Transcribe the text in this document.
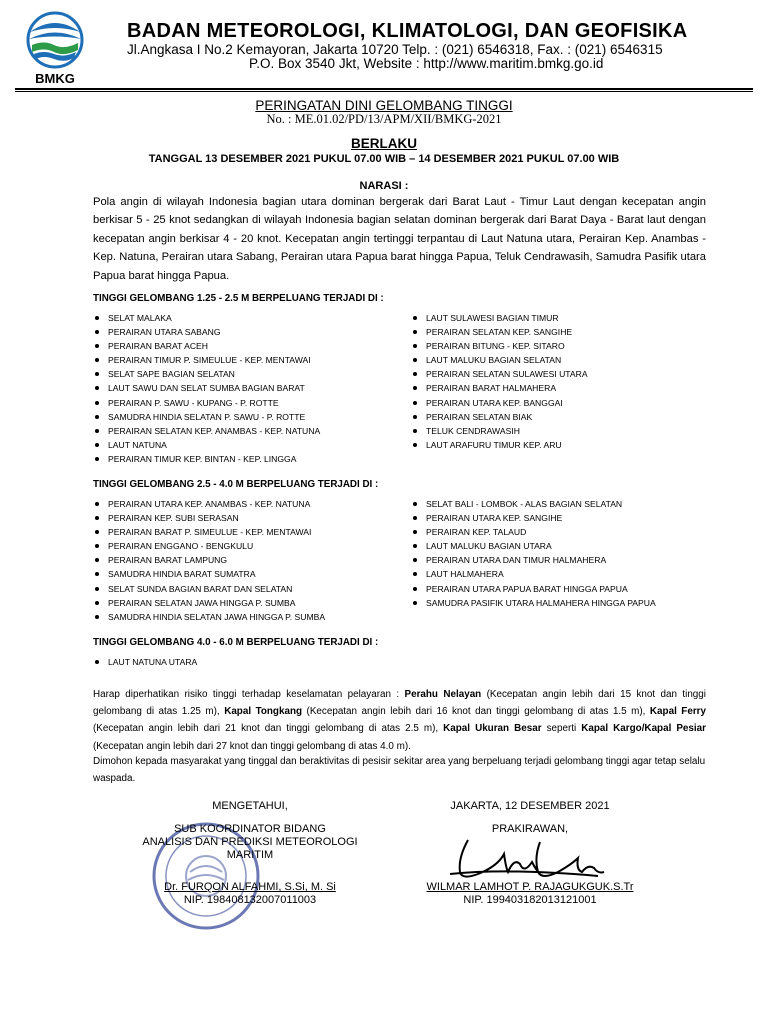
BMKG
BADAN METEOROLOGI, KLIMATOLOGI, DAN GEOFISIKA
Jl.Angkasa I No.2 Kemayoran, Jakarta 10720 Telp. : (021) 6546318, Fax. : (021) 6546315
P.O. Box 3540 Jkt, Website : http://www.maritim.bmkg.go.id
PERINGATAN DINI GELOMBANG TINGGI
No. : ME.01.02/PD/13/APM/XII/BMKG-2021
BERLAKU
TANGGAL 13 DESEMBER 2021 PUKUL 07.00 WIB – 14 DESEMBER 2021 PUKUL 07.00 WIB
NARASI :
Pola angin di wilayah Indonesia bagian utara dominan bergerak dari Barat Laut - Timur Laut dengan kecepatan angin berkisar 5 - 25 knot sedangkan di wilayah Indonesia bagian selatan dominan bergerak dari Barat Daya - Barat laut dengan kecepatan angin berkisar 4 - 20 knot. Kecepatan angin tertinggi terpantau di Laut Natuna utara, Perairan Kep. Anambas - Kep. Natuna, Perairan utara Sabang, Perairan utara Papua barat hingga Papua, Teluk Cendrawasih, Samudra Pasifik utara Papua barat hingga Papua.
TINGGI GELOMBANG 1.25 - 2.5 M BERPELUANG TERJADI DI :
SELAT MALAKA
PERAIRAN UTARA SABANG
PERAIRAN BARAT ACEH
PERAIRAN TIMUR P. SIMEULUE - KEP. MENTAWAI
SELAT SAPE BAGIAN SELATAN
LAUT SAWU DAN SELAT SUMBA BAGIAN BARAT
PERAIRAN P. SAWU - KUPANG - P. ROTTE
SAMUDRA HINDIA SELATAN P. SAWU - P. ROTTE
PERAIRAN SELATAN KEP. ANAMBAS - KEP. NATUNA
LAUT NATUNA
PERAIRAN TIMUR KEP. BINTAN - KEP. LINGGA
LAUT SULAWESI BAGIAN TIMUR
PERAIRAN SELATAN KEP. SANGIHE
PERAIRAN BITUNG - KEP. SITARO
LAUT MALUKU BAGIAN SELATAN
PERAIRAN SELATAN SULAWESI UTARA
PERAIRAN BARAT HALMAHERA
PERAIRAN UTARA KEP. BANGGAI
PERAIRAN SELATAN BIAK
TELUK CENDRAWASIH
LAUT ARAFURU TIMUR KEP. ARU
TINGGI GELOMBANG 2.5 - 4.0 M BERPELUANG TERJADI DI :
PERAIRAN UTARA KEP. ANAMBAS - KEP. NATUNA
PERAIRAN KEP. SUBI SERASAN
PERAIRAN BARAT P. SIMEULUE - KEP. MENTAWAI
PERAIRAN ENGGANO - BENGKULU
PERAIRAN BARAT LAMPUNG
SAMUDRA HINDIA BARAT SUMATRA
SELAT SUNDA BAGIAN BARAT DAN SELATAN
PERAIRAN SELATAN JAWA HINGGA P. SUMBA
SAMUDRA HINDIA SELATAN JAWA HINGGA P. SUMBA
SELAT BALI - LOMBOK - ALAS BAGIAN SELATAN
PERAIRAN UTARA KEP. SANGIHE
PERAIRAN KEP. TALAUD
LAUT MALUKU BAGIAN UTARA
PERAIRAN UTARA DAN TIMUR HALMAHERA
LAUT HALMAHERA
PERAIRAN UTARA PAPUA BARAT HINGGA PAPUA
SAMUDRA PASIFIK UTARA HALMAHERA HINGGA PAPUA
TINGGI GELOMBANG 4.0 - 6.0 M BERPELUANG TERJADI DI :
LAUT NATUNA UTARA
Harap diperhatikan risiko tinggi terhadap keselamatan pelayaran : Perahu Nelayan (Kecepatan angin lebih dari 15 knot dan tinggi gelombang di atas 1.25 m), Kapal Tongkang (Kecepatan angin lebih dari 16 knot dan tinggi gelombang di atas 1.5 m), Kapal Ferry (Kecepatan angin lebih dari 21 knot dan tinggi gelombang di atas 2.5 m), Kapal Ukuran Besar seperti Kapal Kargo/Kapal Pesiar (Kecepatan angin lebih dari 27 knot dan tinggi gelombang di atas 4.0 m).
Dimohon kepada masyarakat yang tinggal dan beraktivitas di pesisir sekitar area yang berpeluang terjadi gelombang tinggi agar tetap selalu waspada.
MENGETAHUI,
SUB KOORDINATOR BIDANG
ANALISIS DAN PREDIKSI METEOROLOGI
MARITIM
Dr. FURQON ALFAHMI, S.Si, M. Si
NIP. 198408132007011003
JAKARTA, 12 DESEMBER 2021
PRAKIRAWAN,
WILMAR LAMHOT P. RAJAGUKGUK.S.Tr
NIP. 199403182013121001
